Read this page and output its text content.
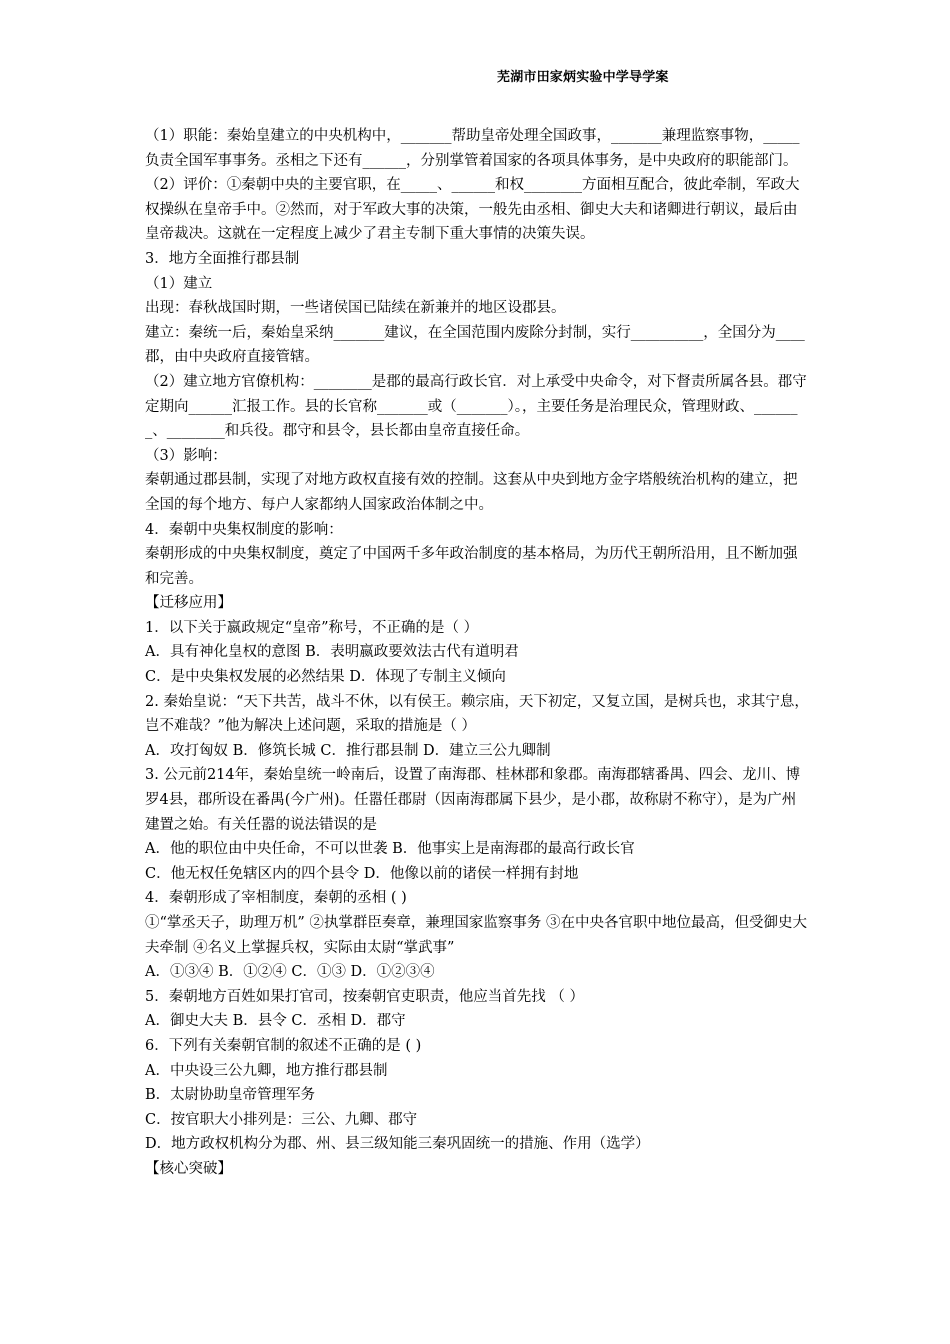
芜湖市田家炳实验中学导学案

（1）职能：秦始皇建立的中央机构中，_______帮助皇帝处理全国政事，_______兼理监察事物，_____负责全国军事事务。丞相之下还有______，分别掌管着国家的各项具体事务，是中央政府的职能部门。

（2）评价：①秦朝中央的主要官职，在_____、______和权________方面相互配合，彼此牵制，军政大权操纵在皇帝手中。②然而，对于军政大事的决策，一般先由丞相、御史大夫和诸卿进行朝议，最后由皇帝裁决。这就在一定程度上减少了君主专制下重大事情的决策失误。

3．地方全面推行郡县制

（1）建立

出现：春秋战国时期，一些诸侯国已陆续在新兼并的地区设郡县。

建立：秦统一后，秦始皇采纳_______建议，在全国范围内废除分封制，实行__________，全国分为____郡，由中央政府直接管辖。

（2）建立地方官僚机构：________是郡的最高行政长官．对上承受中央命令，对下督责所属各县。郡守定期向______汇报工作。县的长官称_______或（_______）。，主要任务是治理民众，管理财政、_______、________和兵役。郡守和县令，县长都由皇帝直接任命。

（3）影响：

秦朝通过郡县制，实现了对地方政权直接有效的控制。这套从中央到地方金字塔般统治机构的建立，把全国的每个地方、每户人家都纳人国家政治体制之中。

4．秦朝中央集权制度的影响：

秦朝形成的中央集权制度，奠定了中国两千多年政治制度的基本格局，为历代王朝所沿用，且不断加强和完善。

【迁移应用】

1．以下关于嬴政规定“皇帝”称号，不正确的是（ ）

A．具有神化皇权的意图 B．表明嬴政要效法古代有道明君

C．是中央集权发展的必然结果 D．体现了专制主义倾向

2. 秦始皇说：“天下共苦，战斗不休，以有侯王。赖宗庙，天下初定，又复立国，是树兵也，求其宁息，岂不难哉？”他为解决上述问题，采取的措施是（ ）

A．攻打匈奴 B．修筑长城 C．推行郡县制 D．建立三公九卿制

3. 公元前214年，秦始皇统一岭南后，设置了南海郡、桂林郡和象郡。南海郡辖番禺、四会、龙川、博罗4县，郡所设在番禺(今广州)。任嚣任郡尉（因南海郡属下县少，是小郡，故称尉不称守），是为广州建置之始。有关任嚣的说法错误的是

A．他的职位由中央任命，不可以世袭 B．他事实上是南海郡的最高行政长官

C．他无权任免辖区内的四个县令 D．他像以前的诸侯一样拥有封地

4．秦朝形成了宰相制度，秦朝的丞相 ( )

①“掌丞天子，助理万机” ②执掌群臣奏章，兼理国家监察事务 ③在中央各官职中地位最高，但受御史大夫牵制 ④名义上掌握兵权，实际由太尉“掌武事”

A．①③④ B．①②④ C．①③ D．①②③④

5．秦朝地方百姓如果打官司，按秦朝官吏职责，他应当首先找 （ ）

A．御史大夫 B．县令 C．丞相 D．郡守

6．下列有关秦朝官制的叙述不正确的是 ( )

A．中央设三公九卿，地方推行郡县制

B．太尉协助皇帝管理军务

C．按官职大小排列是：三公、九卿、郡守

D．地方政权机构分为郡、州、县三级知能三秦巩固统一的措施、作用（选学）

【核心突破】
